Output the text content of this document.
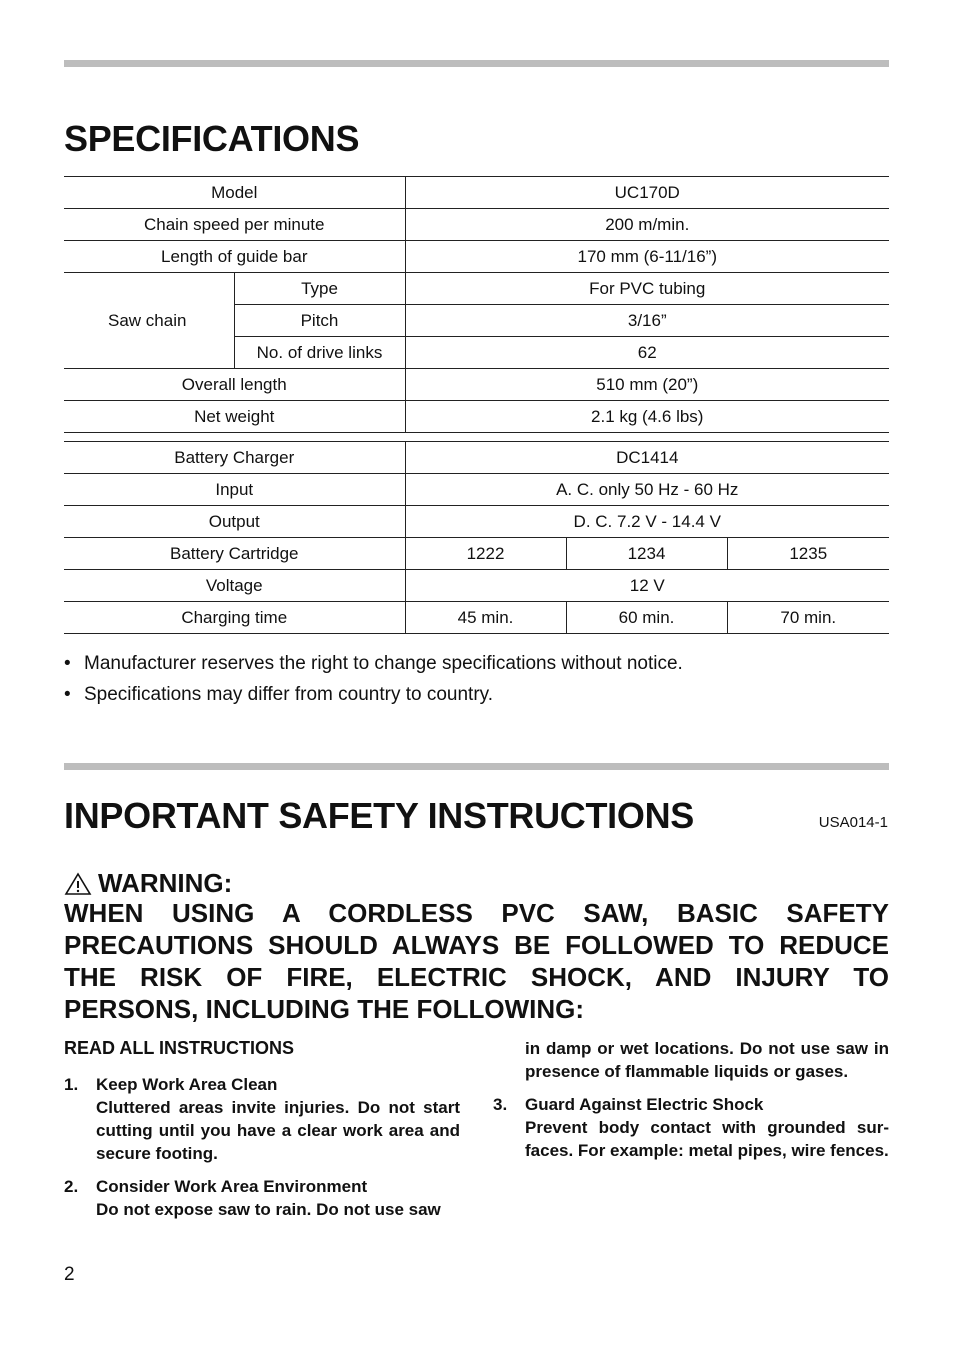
SPECIFICATIONS
Model		UC170D
Chain speed per minute		200 m/min.
Length of guide bar		170 mm (6-11/16”)
Saw chain	Type	For PVC tubing
	Pitch	3/16”
	No. of drive links	62
Overall length		510 mm (20”)
Net weight		2.1 kg (4.6 lbs)
Battery Charger	DC1414		
Input	A. C. only 50 Hz - 60 Hz		
Output	D. C. 7.2 V - 14.4 V		
Battery Cartridge	1222	1234	1235
Voltage	12 V		
Charging time	45 min.	60 min.	70 min.
• Manufacturer reserves the right to change specifications without notice.
• Specifications may differ from country to country.
INPORTANT SAFETY INSTRUCTIONS	USA014-1
WARNING:

WHEN USING A CORDLESS PVC SAW, BASIC SAFETY PRECAUTIONS SHOULD ALWAYS BE FOLLOWED TO REDUCE THE RISK OF FIRE, ELECTRIC SHOCK, AND INJURY TO PERSONS, INCLUDING THE FOLLOWING:

READ ALL INSTRUCTIONS

1. Keep Work Area Clean
Cluttered areas invite injuries. Do not start cutting until you have a clear work area and secure footing.
2. Consider Work Area Environment
Do not expose saw to rain. Do not use saw
in damp or wet locations. Do not use saw in presence of flammable liquids or gases.
3. Guard Against Electric Shock
Prevent body contact with grounded sur-faces. For example: metal pipes, wire fences.
2
